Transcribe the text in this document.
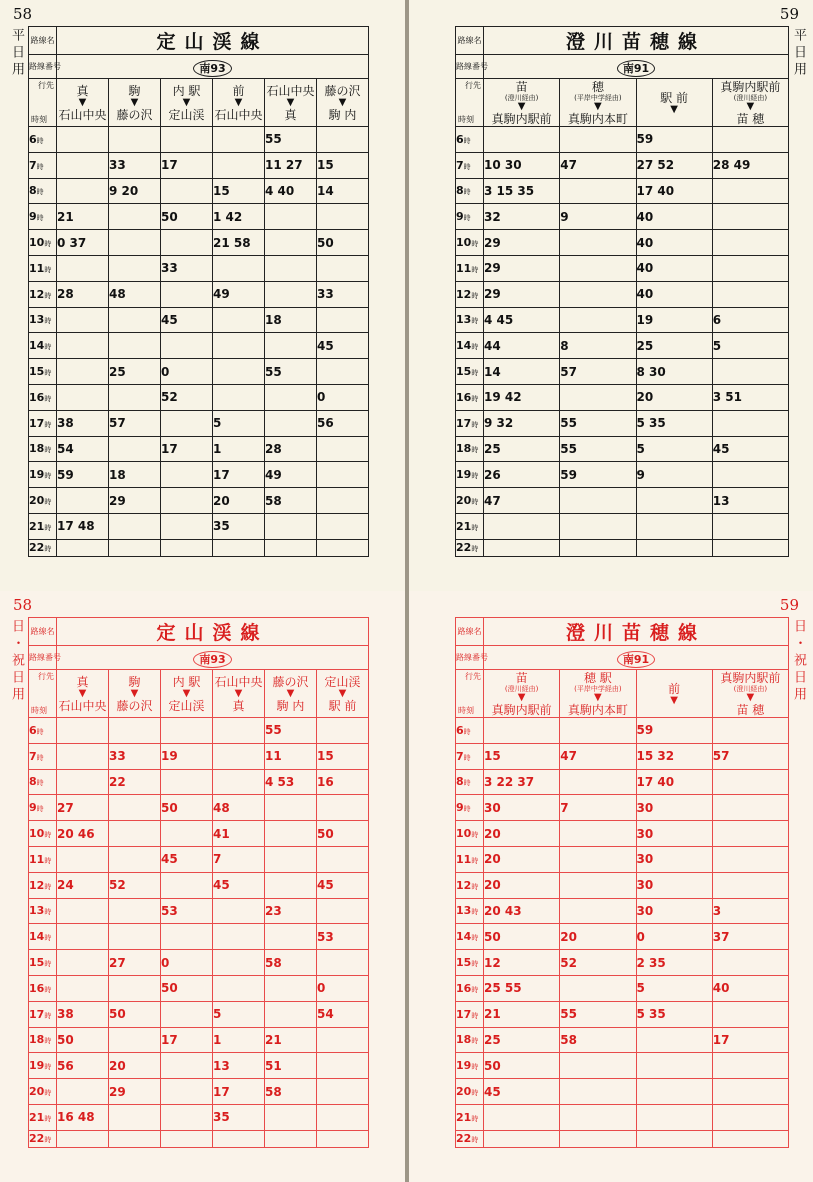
58
平日用 路線名	定山渓線					
路線番号	南93					

行先
時刻	真
▼
石山中央	駒
▼
藤の沢	内 駅
▼
定山渓	前
▼
石山中央	石山中央
▼
真	藤の沢
▼
駒 内
6時					55	
7時		33	17		11 27	15
8時		9 20		15	4 40	14
9時	21		50	1 42		
10時	0 37			21 58		50
11時			33			
12時	28	48		49		33
13時			45		18	
14時						45
15時		25	0		55	
16時			52			0
17時	38	57		5		56
18時	54		17	1	28	
19時	59	18		17	49	
20時		29		20	58	
21時	17 48			35		
22時						
59
平日用
路線名	澄川苗穂線			
路線番号	南91			

行先
時刻	苗
(澄川経由)
▼
真駒内駅前	穂
(平岸中学経由)
▼
真駒内本町	駅 前
▼	真駒内駅前
(澄川経由)
▼
苗 穂
6時			59	
7時	10 30	47	27 52	28 49
8時	3 15 35		17 40	
9時	32	9	40	
10時	29		40	
11時	29		40	
12時	29		40	
13時	4 45		19	6
14時	44	8	25	5
15時	14	57	8 30	
16時	19 42		20	3 51
17時	9 32	55	5 35	
18時	25	55	5	45
19時	26	59	9	
20時	47			13
21時				
22時				
58
日・祝日用 路線名	定山渓線					
路線番号	南93					

行先
時刻	真
▼
石山中央	駒
▼
藤の沢	内 駅
▼
定山渓	石山中央
▼
真	藤の沢
▼
駒 内	定山渓
▼
駅 前
6時					55	
7時		33	19		11	15
8時		22			4 53	16
9時	27		50	48		
10時	20 46			41		50
11時			45	7		
12時	24	52		45		45
13時			53		23	
14時						53
15時		27	0		58	
16時			50			0
17時	38	50		5		54
18時	50		17	1	21	
19時	56	20		13	51	
20時		29		17	58	
21時	16 48			35		
22時						
59
日・祝日用
路線名	澄川苗穂線			
路線番号	南91			

行先
時刻	苗
(澄川経由)
▼
真駒内駅前	穂 駅
(平岸中学経由)
▼
真駒内本町	前
▼	真駒内駅前
(澄川経由)
▼
苗 穂
6時			59	
7時	15	47	15 32	57
8時	3 22 37		17 40	
9時	30	7	30	
10時	20		30	
11時	20		30	
12時	20		30	
13時	20 43		30	3
14時	50	20	0	37
15時	12	52	2 35	
16時	25 55		5	40
17時	21	55	5 35	
18時	25	58		17
19時	50			
20時	45			
21時				
22時				
